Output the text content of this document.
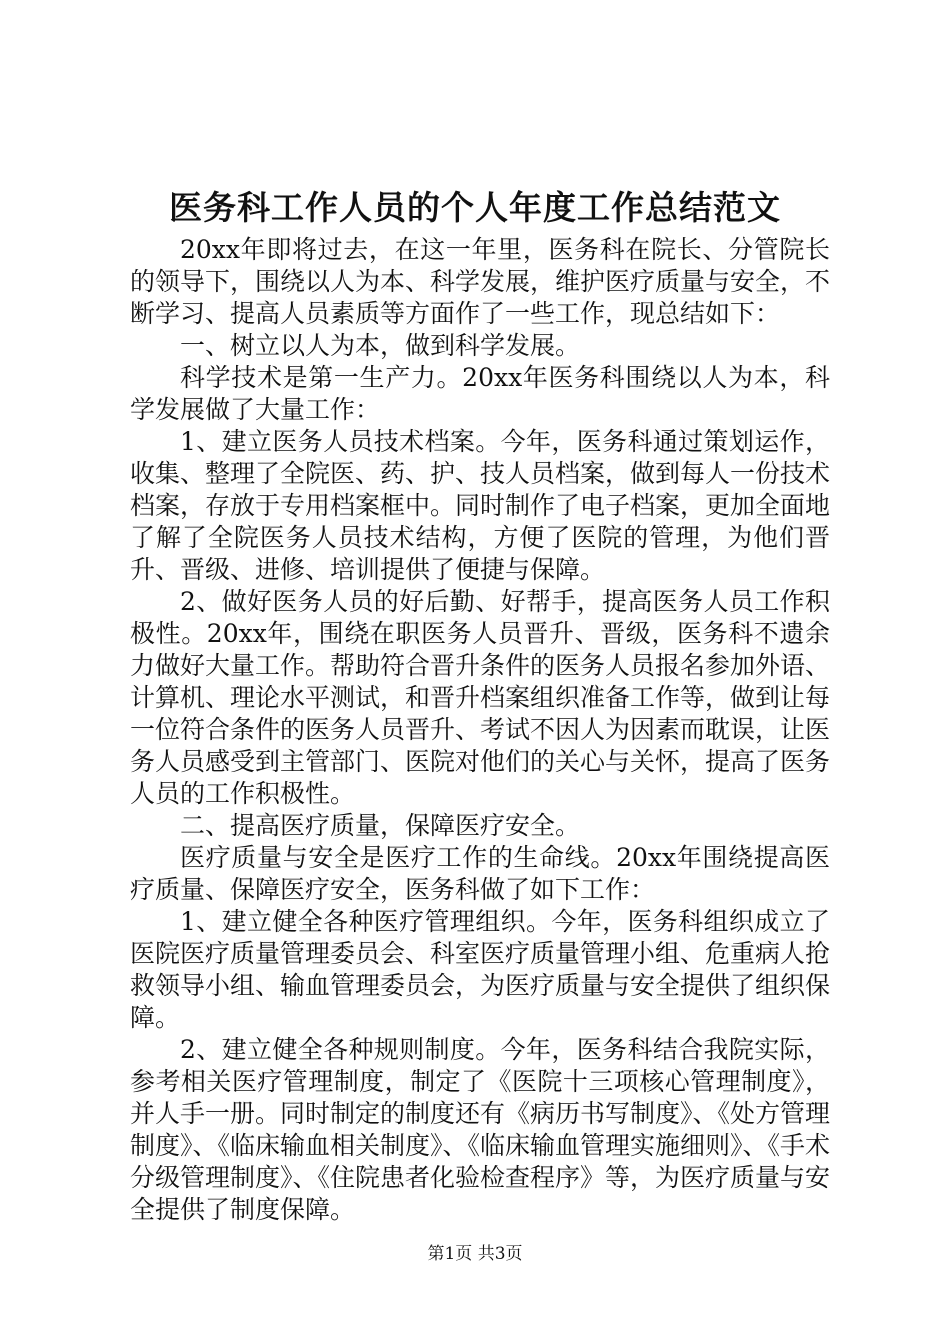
医务科工作人员的个人年度工作总结范文

20xx年即将过去，在这一年里，医务科在院长、分管院长的领导下，围绕以人为本、科学发展，维护医疗质量与安全，不断学习、提高人员素质等方面作了一些工作，现总结如下：

一、树立以人为本，做到科学发展。

科学技术是第一生产力。20xx年医务科围绕以人为本，科学发展做了大量工作：

1、建立医务人员技术档案。今年，医务科通过策划运作，收集、整理了全院医、药、护、技人员档案，做到每人一份技术档案，存放于专用档案框中。同时制作了电子档案，更加全面地了解了全院医务人员技术结构，方便了医院的管理，为他们晋升、晋级、进修、培训提供了便捷与保障。

2、做好医务人员的好后勤、好帮手，提高医务人员工作积极性。20xx年，围绕在职医务人员晋升、晋级，医务科不遗余力做好大量工作。帮助符合晋升条件的医务人员报名参加外语、计算机、理论水平测试，和晋升档案组织准备工作等，做到让每一位符合条件的医务人员晋升、考试不因人为因素而耽误，让医务人员感受到主管部门、医院对他们的关心与关怀，提高了医务人员的工作积极性。

二、提高医疗质量，保障医疗安全。

医疗质量与安全是医疗工作的生命线。20xx年围绕提高医疗质量、保障医疗安全，医务科做了如下工作：

1、建立健全各种医疗管理组织。今年，医务科组织成立了医院医疗质量管理委员会、科室医疗质量管理小组、危重病人抢救领导小组、输血管理委员会，为医疗质量与安全提供了组织保障。

2、建立健全各种规则制度。今年，医务科结合我院实际，参考相关医疗管理制度，制定了《医院十三项核心管理制度》，并人手一册。同时制定的制度还有《病历书写制度》、《处方管理制度》、《临床输血相关制度》、《临床输血管理实施细则》、《手术分级管理制度》、《住院患者化验检查程序》等，为医疗质量与安全提供了制度保障。

第1页 共3页
